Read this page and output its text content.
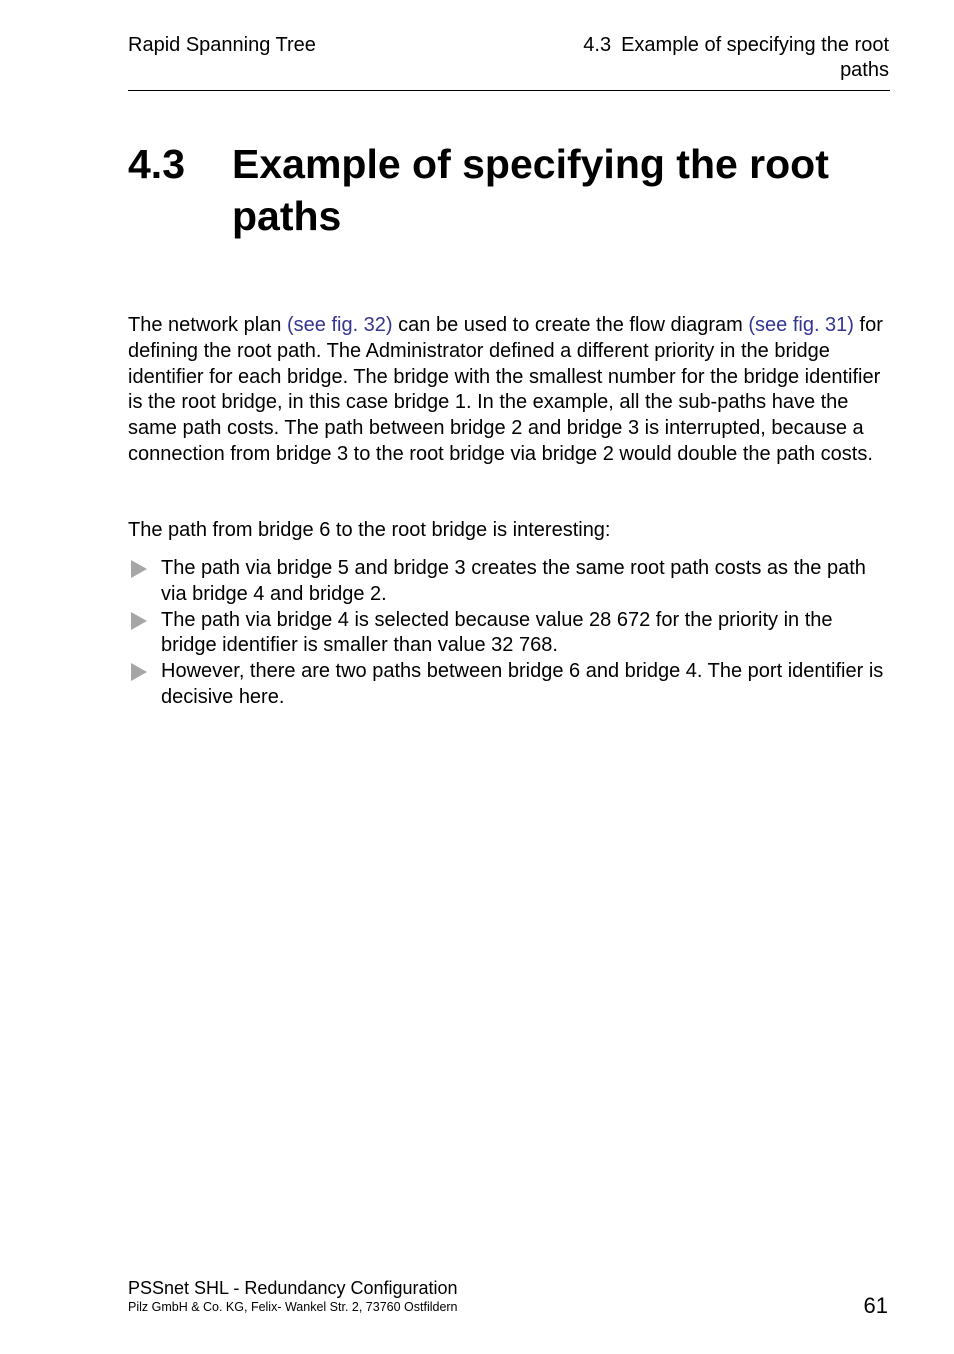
Rapid Spanning Tree	4.3 Example of specifying the root
paths
4.3 Example of specifying the root paths

The network plan (see fig. 32) can be used to create the flow diagram (see fig. 31) for defining the root path. The Administrator defined a different priority in the bridge identifier for each bridge. The bridge with the smallest number for the bridge identifier is the root bridge, in this case bridge 1. In the example, all the sub-paths have the same path costs. The path between bridge 2 and bridge 3 is interrupted, because a connection from bridge 3 to the root bridge via bridge 2 would double the path costs.

The path from bridge 6 to the root bridge is interesting:

The path via bridge 5 and bridge 3 creates the same root path costs as the path via bridge 4 and bridge 2.
The path via bridge 4 is selected because value 28 672 for the priority in the bridge identifier is smaller than value 32 768.
However, there are two paths between bridge 6 and bridge 4. The port identifier is decisive here.
PSSnet SHL - Redundancy Configuration
Pilz GmbH & Co. KG, Felix- Wankel Str. 2, 73760 Ostfildern	61
